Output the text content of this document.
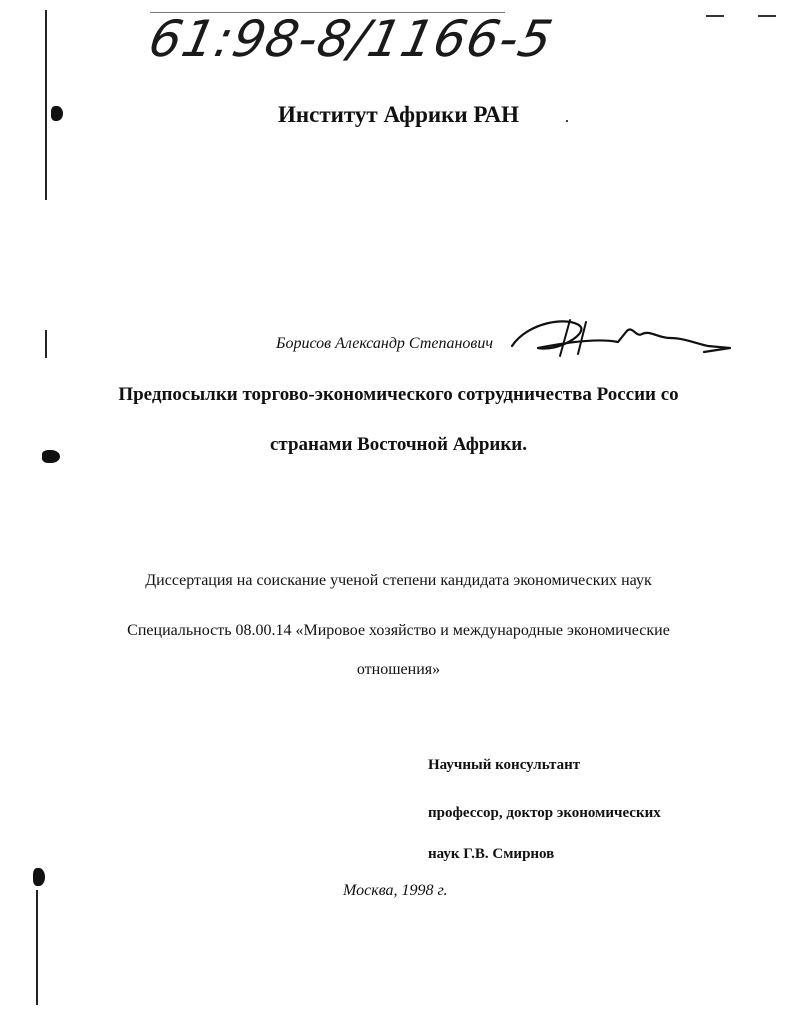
61:98-8/1166-5
Институт Африки РАН
Борисов Александр Степанович
Предпосылки торгово-экономического сотрудничества России со
странами Восточной Африки.
Диссертация на соискание ученой степени кандидата экономических наук
Специальность 08.00.14 «Мировое хозяйство и международные экономические
отношения»
Научный консультант
профессор, доктор экономических
наук Г.В. Смирнов
Москва, 1998 г.
